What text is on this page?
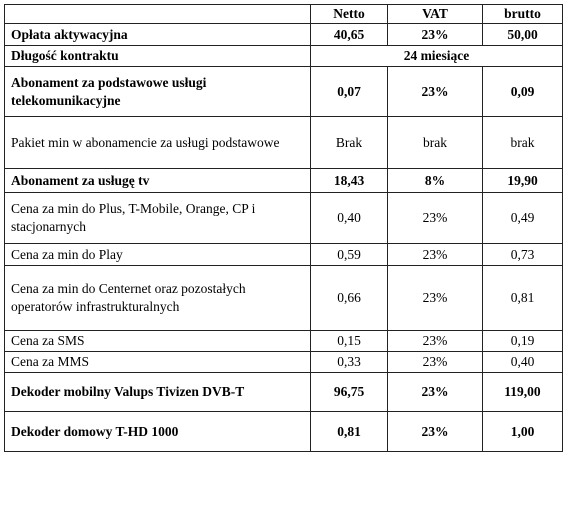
	Netto	VAT	brutto
Opłata aktywacyjna	40,65	23%	50,00
Długość kontraktu	24 miesiące		
Abonament za podstawowe usługi telekomunikacyjne	0,07	23%	0,09
Pakiet min w abonamencie za usługi podstawowe	Brak	brak	brak
Abonament za usługę tv	18,43	8%	19,90
Cena za min do Plus, T-Mobile, Orange, CP i stacjonarnych	0,40	23%	0,49
Cena za min do Play	0,59	23%	0,73
Cena za min do Centernet oraz pozostałych operatorów infrastrukturalnych	0,66	23%	0,81
Cena za SMS	0,15	23%	0,19
Cena za MMS	0,33	23%	0,40
Dekoder mobilny Valups Tivizen DVB-T	96,75	23%	119,00
Dekoder domowy T-HD 1000	0,81	23%	1,00
